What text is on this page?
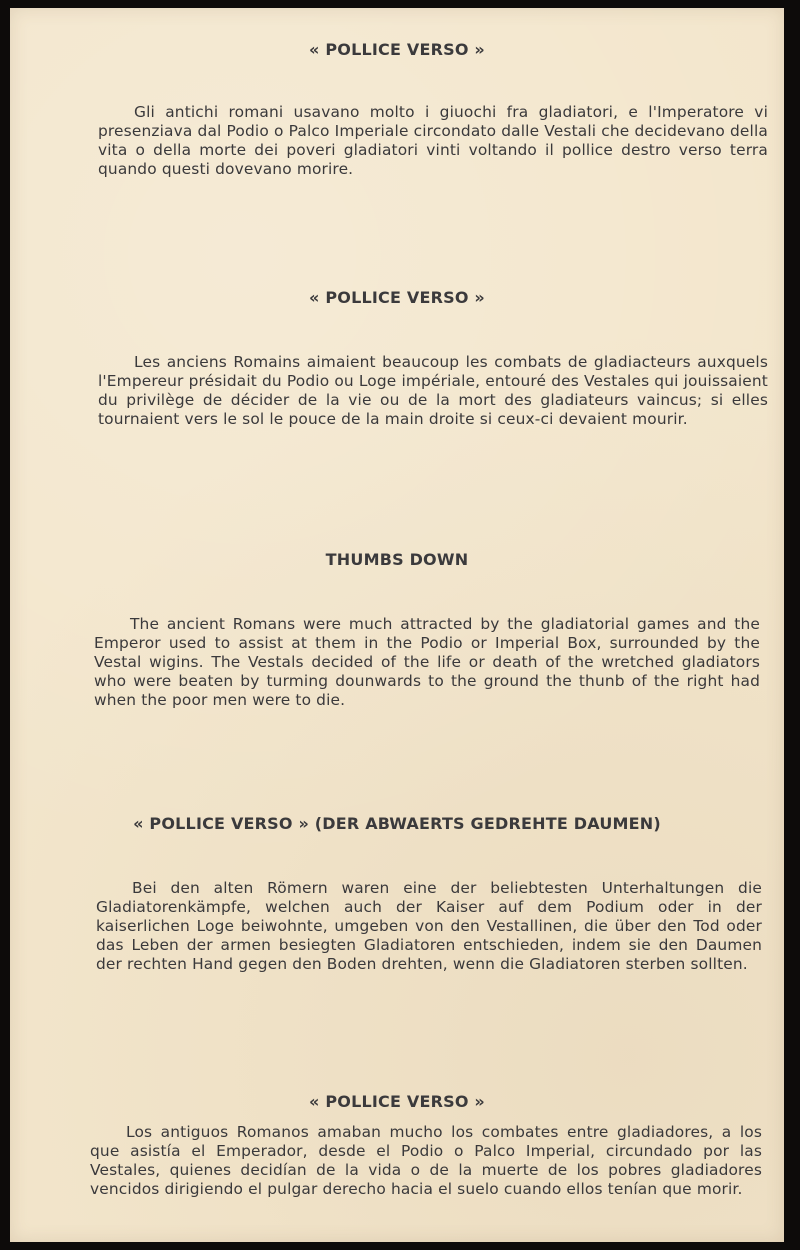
« POLLICE VERSO »

Gli antichi romani usavano molto i giuochi fra gladiatori, e l'Imperatore vi presenziava dal Podio o Palco Imperiale circondato dalle Vestali che decidevano della vita o della morte dei poveri gladiatori vinti voltando il pollice destro verso terra quando questi dovevano morire.

« POLLICE VERSO »

Les anciens Romains aimaient beaucoup les combats de gladiacteurs auxquels l'Empereur présidait du Podio ou Loge impériale, entouré des Vestales qui jouissaient du privilège de décider de la vie ou de la mort des gladiateurs vaincus; si elles tournaient vers le sol le pouce de la main droite si ceux-ci devaient mourir.

THUMBS DOWN

The ancient Romans were much attracted by the gladiatorial games and the Emperor used to assist at them in the Podio or Imperial Box, surrounded by the Vestal wigins. The Vestals decided of the life or death of the wretched gladiators who were beaten by turming dounwards to the ground the thunb of the right had when the poor men were to die.

« POLLICE VERSO » (DER ABWAERTS GEDREHTE DAUMEN)

Bei den alten Römern waren eine der beliebtesten Unterhaltungen die Gladiatorenkämpfe, welchen auch der Kaiser auf dem Podium oder in der kaiserlichen Loge beiwohnte, umgeben von den Vestallinen, die über den Tod oder das Leben der armen besiegten Gladiatoren entschieden, indem sie den Daumen der rechten Hand gegen den Boden drehten, wenn die Gladiatoren sterben sollten.

« POLLICE VERSO »

Los antiguos Romanos amaban mucho los combates entre gladiadores, a los que asistía el Emperador, desde el Podio o Palco Imperial, circundado por las Vestales, quienes decidían de la vida o de la muerte de los pobres gladiadores vencidos dirigiendo el pulgar derecho hacia el suelo cuando ellos tenían que morir.
